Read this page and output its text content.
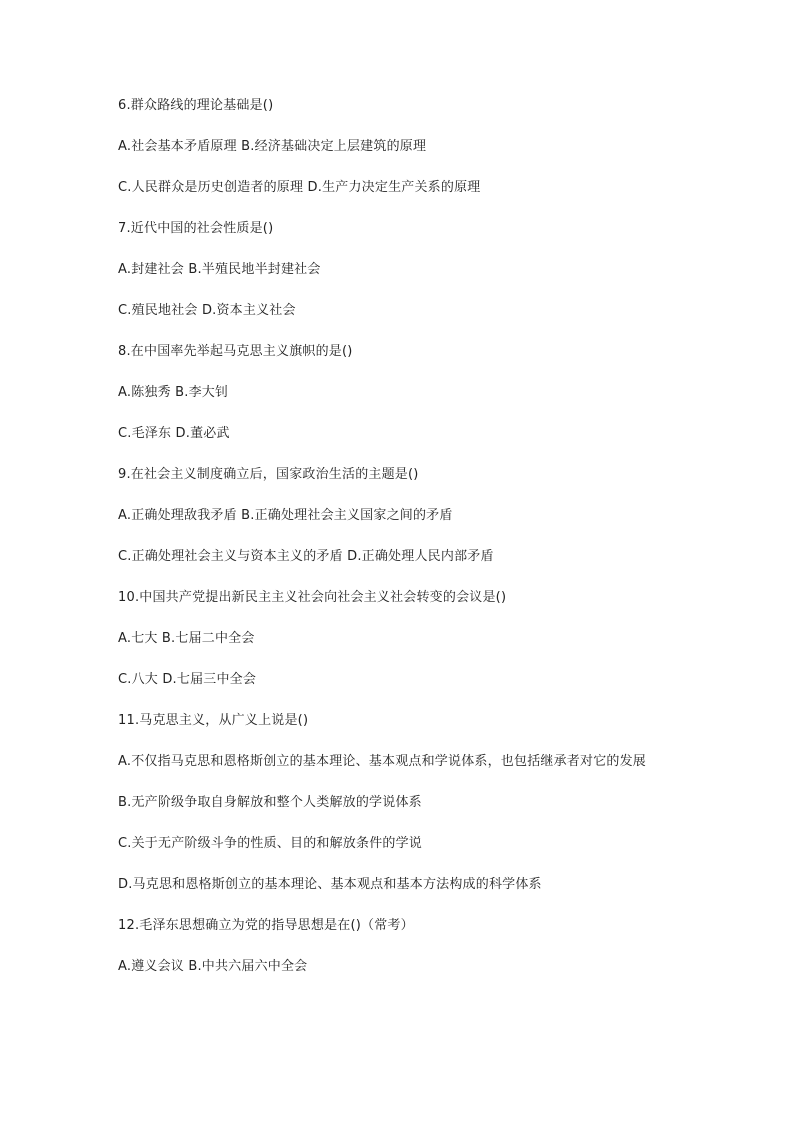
6.群众路线的理论基础是()
A.社会基本矛盾原理 B.经济基础决定上层建筑的原理
C.人民群众是历史创造者的原理 D.生产力决定生产关系的原理
7.近代中国的社会性质是()
A.封建社会 B.半殖民地半封建社会
C.殖民地社会 D.资本主义社会
8.在中国率先举起马克思主义旗帜的是()
A.陈独秀 B.李大钊
C.毛泽东 D.董必武
9.在社会主义制度确立后，国家政治生活的主题是()
A.正确处理敌我矛盾 B.正确处理社会主义国家之间的矛盾
C.正确处理社会主义与资本主义的矛盾 D.正确处理人民内部矛盾
10.中国共产党提出新民主主义社会向社会主义社会转变的会议是()
A.七大 B.七届二中全会
C.八大 D.七届三中全会
11.马克思主义，从广义上说是()
A.不仅指马克思和恩格斯创立的基本理论、基本观点和学说体系，也包括继承者对它的发展
B.无产阶级争取自身解放和整个人类解放的学说体系
C.关于无产阶级斗争的性质、目的和解放条件的学说
D.马克思和恩格斯创立的基本理论、基本观点和基本方法构成的科学体系
12.毛泽东思想确立为党的指导思想是在()（常考）
A.遵义会议 B.中共六届六中全会
